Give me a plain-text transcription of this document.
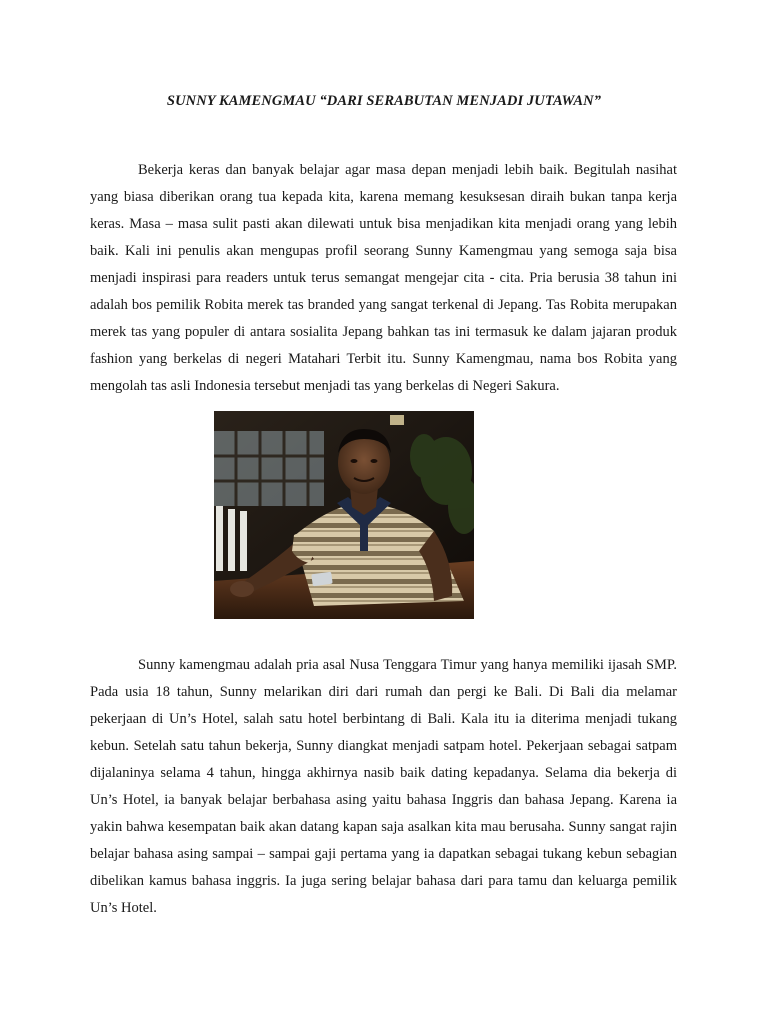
SUNNY KAMENGMAU “DARI SERABUTAN MENJADI JUTAWAN”

Bekerja keras dan banyak belajar agar masa depan menjadi lebih baik. Begitulah nasihat yang biasa diberikan orang tua kepada kita, karena memang kesuksesan diraih bukan tanpa kerja keras. Masa – masa sulit pasti akan dilewati untuk bisa menjadikan kita menjadi orang yang lebih baik. Kali ini penulis akan mengupas profil seorang Sunny Kamengmau yang semoga saja bisa menjadi inspirasi para readers untuk terus semangat mengejar cita - cita. Pria berusia 38 tahun ini adalah bos pemilik Robita merek tas branded yang sangat terkenal di Jepang. Tas Robita merupakan merek tas yang populer di antara sosialita Jepang bahkan tas ini termasuk ke dalam jajaran produk fashion yang berkelas di negeri Matahari Terbit itu. Sunny Kamengmau, nama bos Robita yang mengolah tas asli Indonesia tersebut menjadi tas yang berkelas di Negeri Sakura.

Sunny kamengmau adalah pria asal Nusa Tenggara Timur yang hanya memiliki ijasah SMP. Pada usia 18 tahun, Sunny melarikan diri dari rumah dan pergi ke Bali. Di Bali dia melamar pekerjaan di Un’s Hotel, salah satu hotel berbintang di Bali. Kala itu ia diterima menjadi tukang kebun. Setelah satu tahun bekerja, Sunny diangkat menjadi satpam hotel. Pekerjaan sebagai satpam dijalaninya selama 4 tahun, hingga akhirnya nasib baik dating kepadanya. Selama dia bekerja di Un’s Hotel, ia banyak belajar berbahasa asing yaitu bahasa Inggris dan bahasa Jepang. Karena ia yakin bahwa kesempatan baik akan datang kapan saja asalkan kita mau berusaha. Sunny sangat rajin belajar bahasa asing sampai – sampai gaji pertama yang ia dapatkan sebagai tukang kebun sebagian dibelikan kamus bahasa inggris. Ia juga sering belajar bahasa dari para tamu dan keluarga pemilik Un’s Hotel.
